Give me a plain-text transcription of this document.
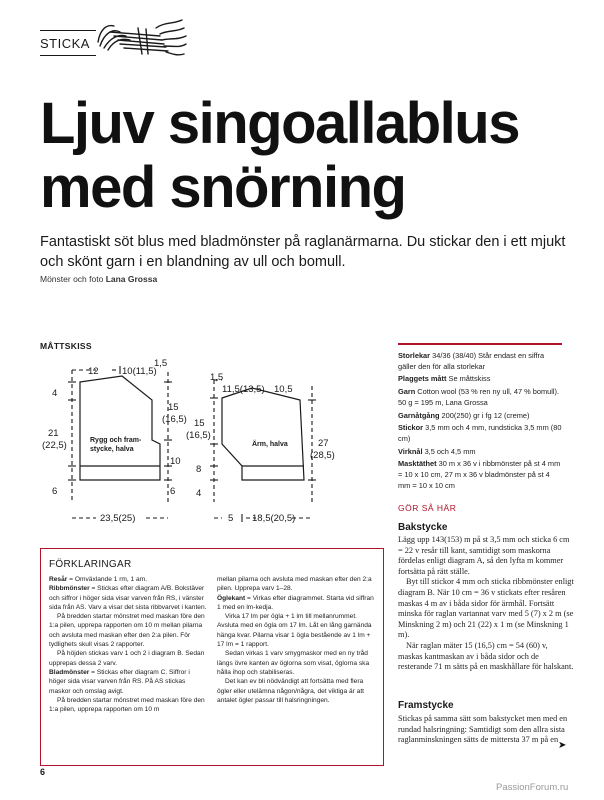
STICKA
Ljuv singoallablus
med snörning
Fantastiskt söt blus med bladmönster på raglanärmarna. Du stickar den i ett mjukt och skönt garn i en blandning av ull och bomull.
Mönster och foto Lana Grossa
MÅTTSKISS
12 10(11,5)
1,5
4
21
(22,5)	Rygg och fram-
stycke, halva
15
(16,5)
10
6	6
23,5(25)
1,5
11,5(13,5) 10,5
15
(16,5)
Ärm, halva
8
4
27
(28,5)
5 18,5(20,5)
FÖRKLARINGAR

Resår = Omväxlande 1 rm, 1 am.

Ribbmönster = Stickas efter diagram A/B. Bokstäver och siffror i höger sida visar varven från RS, i vänster sida från AS. Varv a visar det sista ribbvarvet i kanten.

På bredden startar mönstret med maskan före den 1:a pilen, upprepa rapporten om 10 m mellan pilarna och avsluta med maskan efter den 2:a pilen. För tydlighets skull visas 2 rapporter.

På höjden stickas varv 1 och 2 i diagram B. Sedan upprepas dessa 2 varv.

Bladmönster = Stickas efter diagram C. Siffror i höger sida visar varven från RS. På AS stickas maskor och omslag avigt.

På bredden startar mönstret med maskan före den 1:a pilen, upprepa rapporten om 10 m

mellan pilarna och avsluta med maskan efter den 2:a pilen. Upprepa varv 1–28.

Öglekant = Virkas efter diagrammet. Starta vid siffran 1 med en lm-kedja.

Virka 17 lm per ögla + 1 lm till mellanrummet. Avsluta med en ögla om 17 lm. Låt en lång garnända hänga kvar. Pilarna visar 1 ögla bestående av 1 lm + 17 lm = 1 rapport.

Sedan virkas 1 varv smygmaskor med en ny tråd längs övre kanten av öglorna som visat, öglorna ska hålla ihop och stabiliseras.

Det kan ev bli nödvändigt att fortsätta med flera ögler eller utelämna någon/några, det viktiga är att antalet ögler passar till halsringningen.

Storlekar 34/36 (38/40) Står endast en siffra gäller den för alla storlekar

Plaggets mått Se måttskiss

Garn Cotton wool (53 % ren ny ull, 47 % bomull). 50 g = 195 m, Lana Grossa

Garnåtgång 200(250) gr i fg 12 (creme)

Stickor 3,5 mm och 4 mm, rundsticka 3,5 mm (80 cm)

Virknål 3,5 och 4,5 mm

Masktäthet 30 m x 36 v i ribbmönster på st 4 mm = 10 x 10 cm, 27 m x 36 v bladmönster på st 4 mm = 10 x 10 cm

GÖR SÅ HÄR
Bakstycke

Lägg upp 143(153) m på st 3,5 mm och sticka 6 cm = 22 v resår till kant, samtidigt som maskorna fördelas enligt diagram A, så den lyfta m kommer fortsätta på rätt ställe.

Byt till stickor 4 mm och sticka ribbmönster enligt diagram B. När 10 cm = 36 v stickats efter resåren maskas 4 m av i båda sidor för ärmhål. Fortsätt minska för raglan vartannat varv med 5 (7) x 2 m (se Minskning 2 m) och 21 (22) x 1 m (se Minskning 1 m).

När raglan mäter 15 (16,5) cm = 54 (60) v, maskas kantmaskan av i båda sidor och de resterande 71 m sätts på en maskhållare för halskant.

Framstycke
Stickas på samma sätt som bakstycket men med en rundad halsringning: Samtidigt som den allra sista raglanminskningen sätts de mittersta 37 m på en
➤
6
PassionForum.ru
